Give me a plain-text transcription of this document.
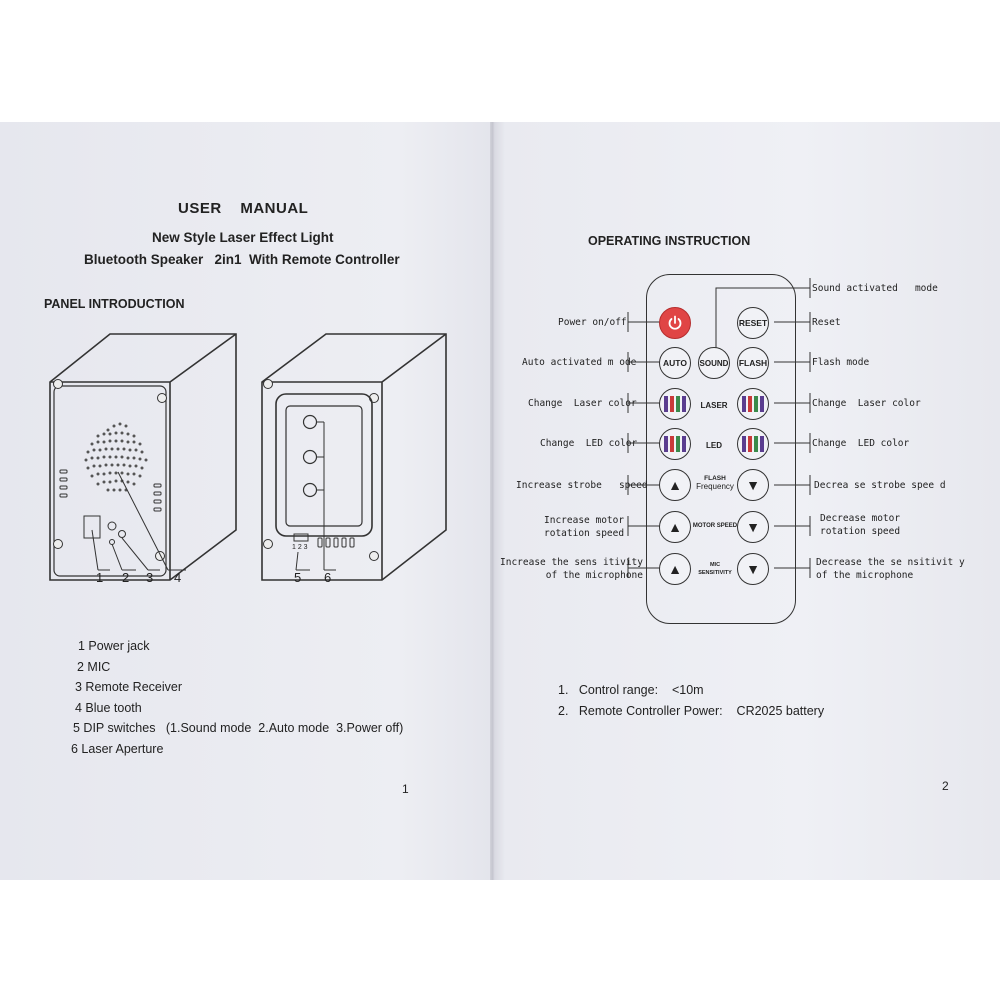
USER    MANUAL
New Style Laser Effect Light
Bluetooth Speaker   2in1  With Remote Controller
PANEL INTRODUCTION
1 2 3 4
1 2 3
5 6
1 Power jack
2 MIC
3 Remote Receiver
4 Blue tooth
5 DIP switches   (1.Sound mode  2.Auto mode  3.Power off)
6 Laser Aperture
1
OPERATING INSTRUCTION
RESET
AUTO	SOUND FLASH
LASER
LED
▲	FLASH
Frequency ▼
▲	MOTOR SPEED ▼
▲	MIC
SENSITIVITY	▼
Power on/off
Auto activated m ode
Change  Laser color
Change  LED color
Increase strobe   speed
Increase motor
rotation speed
Increase the sens itivity
of the microphone
Sound activated   mode
Reset
Flash mode
Change  Laser color
Change  LED color
Decrea se strobe spee d
Decrease motor
rotation speed
Decrease the se nsitivit y
of the microphone
1.   Control range:    <10m
2.   Remote Controller Power:    CR2025 battery
2
